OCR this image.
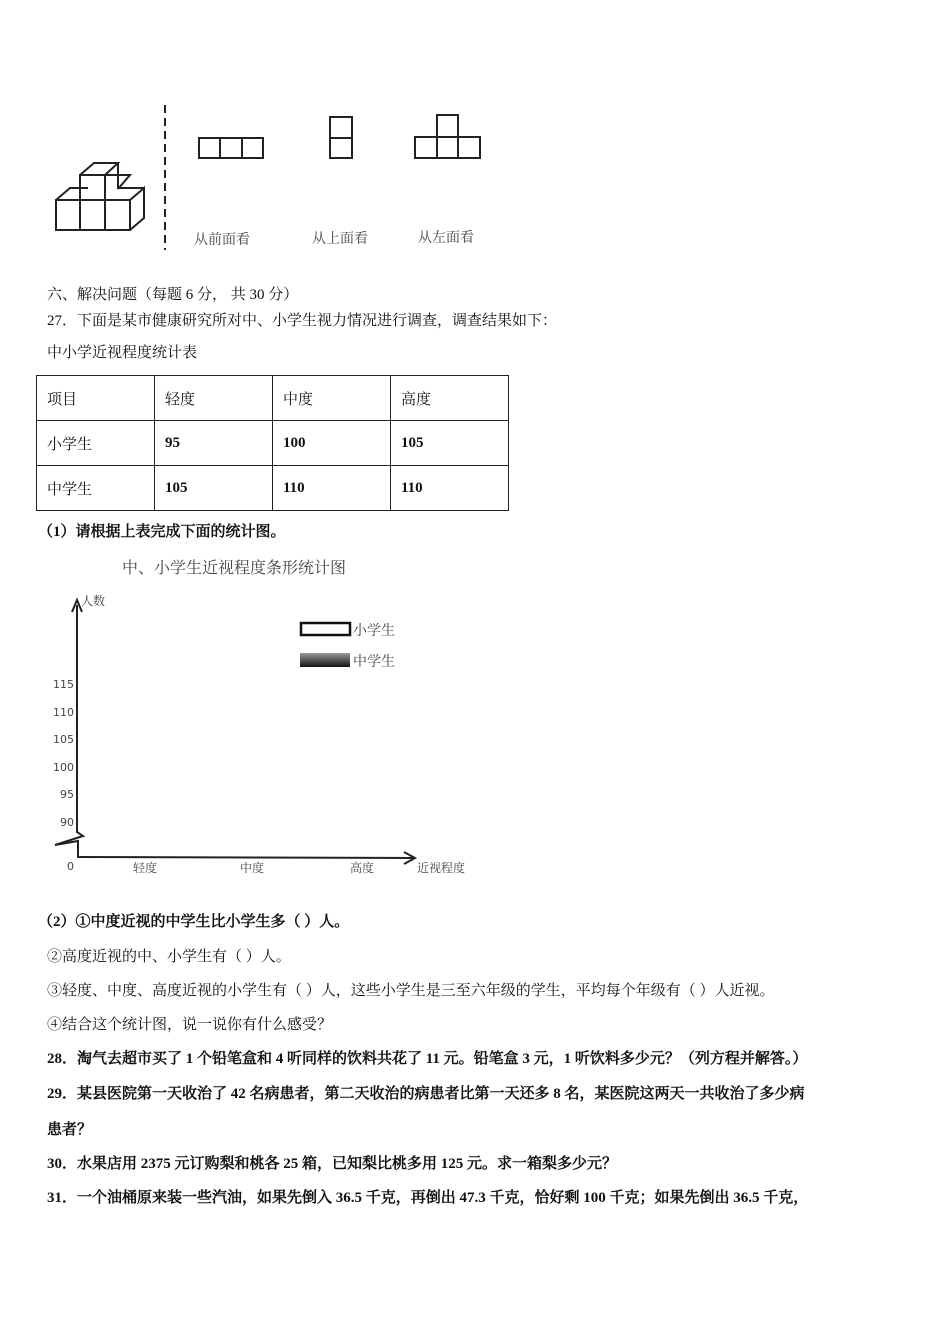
从前面看	从上面看	从左面看
六、解决问题（每题 6 分， 共 30 分）
27．下面是某市健康研究所对中、小学生视力情况进行调查，调查结果如下：
中小学近视程度统计表
项目	轻度	中度	高度
小学生	95	100	105
中学生	105	110	110
（1）请根据上表完成下面的统计图。
中、小学生近视程度条形统计图
人数
小学生
中学生
90
95
100
105
110
115
0	轻度	中度	高度	近视程度
（2）①中度近视的中学生比小学生多（ ）人。
②高度近视的中、小学生有（ ）人。
③轻度、中度、高度近视的小学生有（ ）人，这些小学生是三至六年级的学生，平均每个年级有（ ）人近视。
④结合这个统计图，说一说你有什么感受？
28．淘气去超市买了 1 个铅笔盒和 4 听同样的饮料共花了 11 元。铅笔盒 3 元，1 听饮料多少元？（列方程并解答。）
29．某县医院第一天收治了 42 名病患者，第二天收治的病患者比第一天还多 8 名，某医院这两天一共收治了多少病
患者？
30．水果店用 2375 元订购梨和桃各 25 箱，已知梨比桃多用 125 元。求一箱梨多少元？
31．一个油桶原来装一些汽油，如果先倒入 36.5 千克，再倒出 47.3 千克，恰好剩 100 千克；如果先倒出 36.5 千克，
